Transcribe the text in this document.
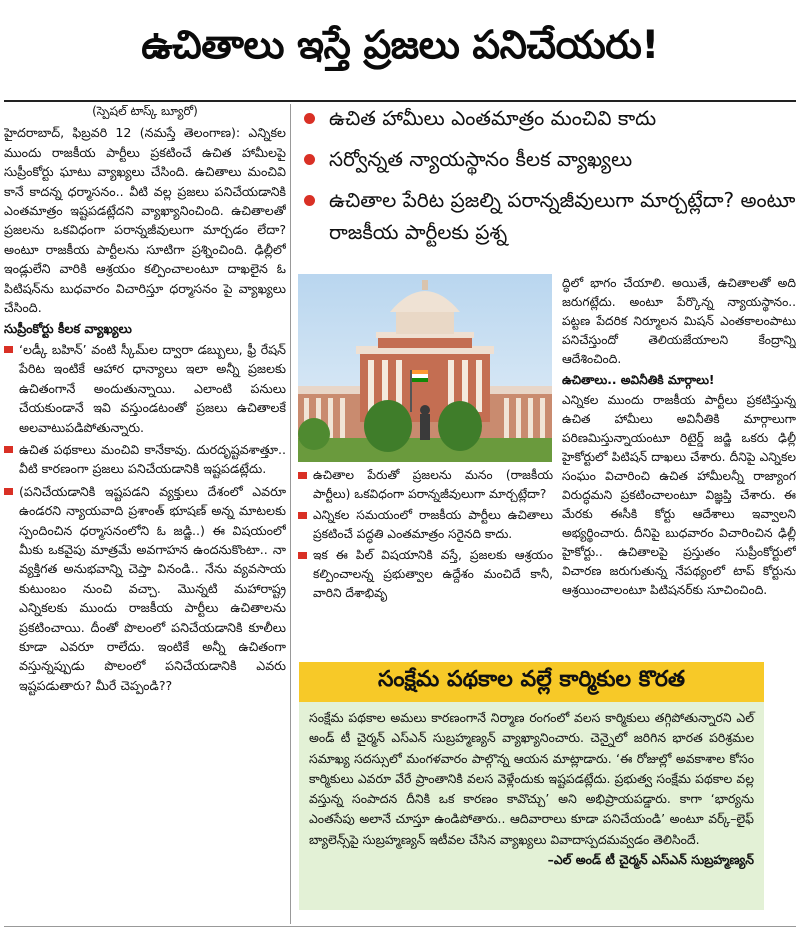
ఉచితాలు ఇస్తే ప్రజలు పనిచేయరు!

(స్పెషల్ టాస్క్ బ్యూరో)

హైదరాబాద్, ఫిబ్రవరి 12 (నమస్తే తెలంగాణ): ఎన్నికల ముందు రాజకీయ పార్టీలు ప్రకటించే ఉచిత హామీలపై సుప్రీంకోర్టు ఘాటు వ్యాఖ్యలు చేసింది. ఉచితాలు మంచివి కానే కాదన్న ధర్మాసనం.. వీటి వల్ల ప్రజలు పనిచేయడానికి ఎంతమాత్రం ఇష్టపడట్లేదని వ్యాఖ్యానించింది. ఉచితాలతో ప్రజలను ఒకవిధంగా పరాన్నజీవులుగా మార్చడం లేదా? అంటూ రాజకీయ పార్టీలను సూటిగా ప్రశ్నించింది. ఢిల్లీలో ఇండ్లులేని వారికి ఆశ్రయం కల్పించాలంటూ దాఖలైన ఓ పిటిషన్‌ను బుధవారం విచారిస్తూ ధర్మాసనం పై వ్యాఖ్యలు చేసింది.

సుప్రీంకోర్టు కీలక వ్యాఖ్యలు

‘లడ్కీ బహిన్’ వంటి స్కీమ్‌ల ద్వారా డబ్బులు, ఫ్రీ రేషన్ పేరిట ఇంటికే ఆహార ధాన్యాలు ఇలా అన్నీ ప్రజలకు ఉచితంగానే అందుతున్నాయి. ఎలాంటి పనులు చేయకుండానే ఇవి వస్తుండటంతో ప్రజలు ఉచితాలకే అలవాటుపడిపోతున్నారు.
ఉచిత పథకాలు మంచివి కానేకావు. దురదృష్టవశాత్తూ.. వీటి కారణంగా ప్రజలు పనిచేయడానికి ఇష్టపడట్లేదు.
(పనిచేయడానికి ఇష్టపడని వ్యక్తులు దేశంలో ఎవరూ ఉండరని న్యాయవాది ప్రశాంత్ భూషణ్ అన్న మాటలకు స్పందించిన ధర్మాసనంలోని ఓ జడ్జి..) ఈ విషయంలో మీకు ఒకవైపు మాత్రమే అవగాహన ఉందనుకొంటా.. నా వ్యక్తిగత అనుభవాన్ని చెప్తా వినండి.. నేను వ్యవసాయ కుటుంబం నుంచి వచ్చా. మొన్నటి మహారాష్ట్ర ఎన్నికలకు ముందు రాజకీయ పార్టీలు ఉచితాలను ప్రకటించాయి. దీంతో పొలంలో పనిచేయడానికి కూలీలు కూడా ఎవరూ రాలేదు. ఇంటికే అన్నీ ఉచితంగా వస్తున్నప్పుడు పొలంలో పనిచేయడానికి ఎవరు ఇష్టపడుతారు? మీరే చెప్పండి??
ఉచిత హామీలు ఎంతమాత్రం మంచివి కాదు
సర్వోన్నత న్యాయస్థానం కీలక వ్యాఖ్యలు
ఉచితాల పేరిట ప్రజల్ని పరాన్నజీవులుగా మార్చట్లేదా? అంటూ రాజకీయ పార్టీలకు ప్రశ్న
ఉచితాల పేరుతో ప్రజలను మనం (రాజకీయ పార్టీలు) ఒకవిధంగా పరాన్నజీవులుగా మార్చట్లేదా?
ఎన్నికల సమయంలో రాజకీయ పార్టీలు ఉచితాలు ప్రకటించే పద్ధతి ఎంతమాత్రం సరైనది కాదు.
ఇక ఈ పిల్ విషయానికి వస్తే, ప్రజలకు ఆశ్రయం కల్పించాలన్న ప్రభుత్వాల ఉద్దేశం మంచిదే కానీ, వారిని దేశాభివృ

ద్ధిలో భాగం చేయాలి. అయితే, ఉచితాలతో అది జరుగట్లేదు. అంటూ పేర్కొన్న న్యాయస్థానం.. పట్టణ పేదరిక నిర్మూలన మిషన్ ఎంతకాలంపాటు పనిచేస్తుందో తెలియజేయాలని కేంద్రాన్ని ఆదేశించింది.

ఉచితాలు.. అవినీతికి మార్గాలు!

ఎన్నికల ముందు రాజకీయ పార్టీలు ప్రకటిస్తున్న ఉచిత హామీలు అవినీతికి మార్గాలుగా పరిణమిస్తున్నాయంటూ రిటైర్డ్ జడ్జి ఒకరు ఢిల్లీ హైకోర్టులో పిటిషన్ దాఖలు చేశారు. దీనిపై ఎన్నికల సంఘం విచారించి ఉచిత హామీలన్నీ రాజ్యాంగ విరుద్ధమని ప్రకటించాలంటూ విజ్ఞప్తి చేశారు. ఈ మేరకు ఈసీకి కోర్టు ఆదేశాలు ఇవ్వాలని అభ్యర్థించారు. దీనిపై బుధవారం విచారించిన ఢిల్లీ హైకోర్టు.. ఉచితాలపై ప్రస్తుతం సుప్రీంకోర్టులో విచారణ జరుగుతున్న నేపథ్యంలో టాప్ కోర్టును ఆశ్రయించాలంటూ పిటిషనర్‌కు సూచించింది.

సంక్షేమ పథకాల వల్లే కార్మికుల కొరత
సంక్షేమ పథకాల అమలు కారణంగానే నిర్మాణ రంగంలో వలస కార్మికులు తగ్గిపోతున్నారని ఎల్ అండ్ టీ చైర్మన్ ఎస్ఎన్ సుబ్రహ్మణ్యన్ వ్యాఖ్యానించారు. చెన్నైలో జరిగిన భారత పరిశ్రమల సమాఖ్య సదస్సులో మంగళవారం పాల్గొన్న ఆయన మాట్లాడారు. ‘ఈ రోజుల్లో అవకాశాల కోసం కార్మికులు ఎవరూ వేరే ప్రాంతానికి వలస వెళ్లేందుకు ఇష్టపడట్లేదు. ప్రభుత్వ సంక్షేమ పథకాల వల్ల వస్తున్న సంపాదన దీనికి ఒక కారణం కావొచ్చు’ అని అభిప్రాయపడ్డారు. కాగా ‘భార్యను ఎంతసేపు అలానే చూస్తూ ఉండిపోతారు.. ఆదివారాలు కూడా పనిచేయండి’ అంటూ వర్క్–లైఫ్ బ్యాలెన్స్‌పై సుబ్రహ్మణ్యన్ ఇటీవల చేసిన వ్యాఖ్యలు వివాదాస్పదమవ్వడం తెలిసిందే.
–ఎల్ అండ్ టీ చైర్మన్ ఎస్ఎన్ సుబ్రహ్మణ్యన్
